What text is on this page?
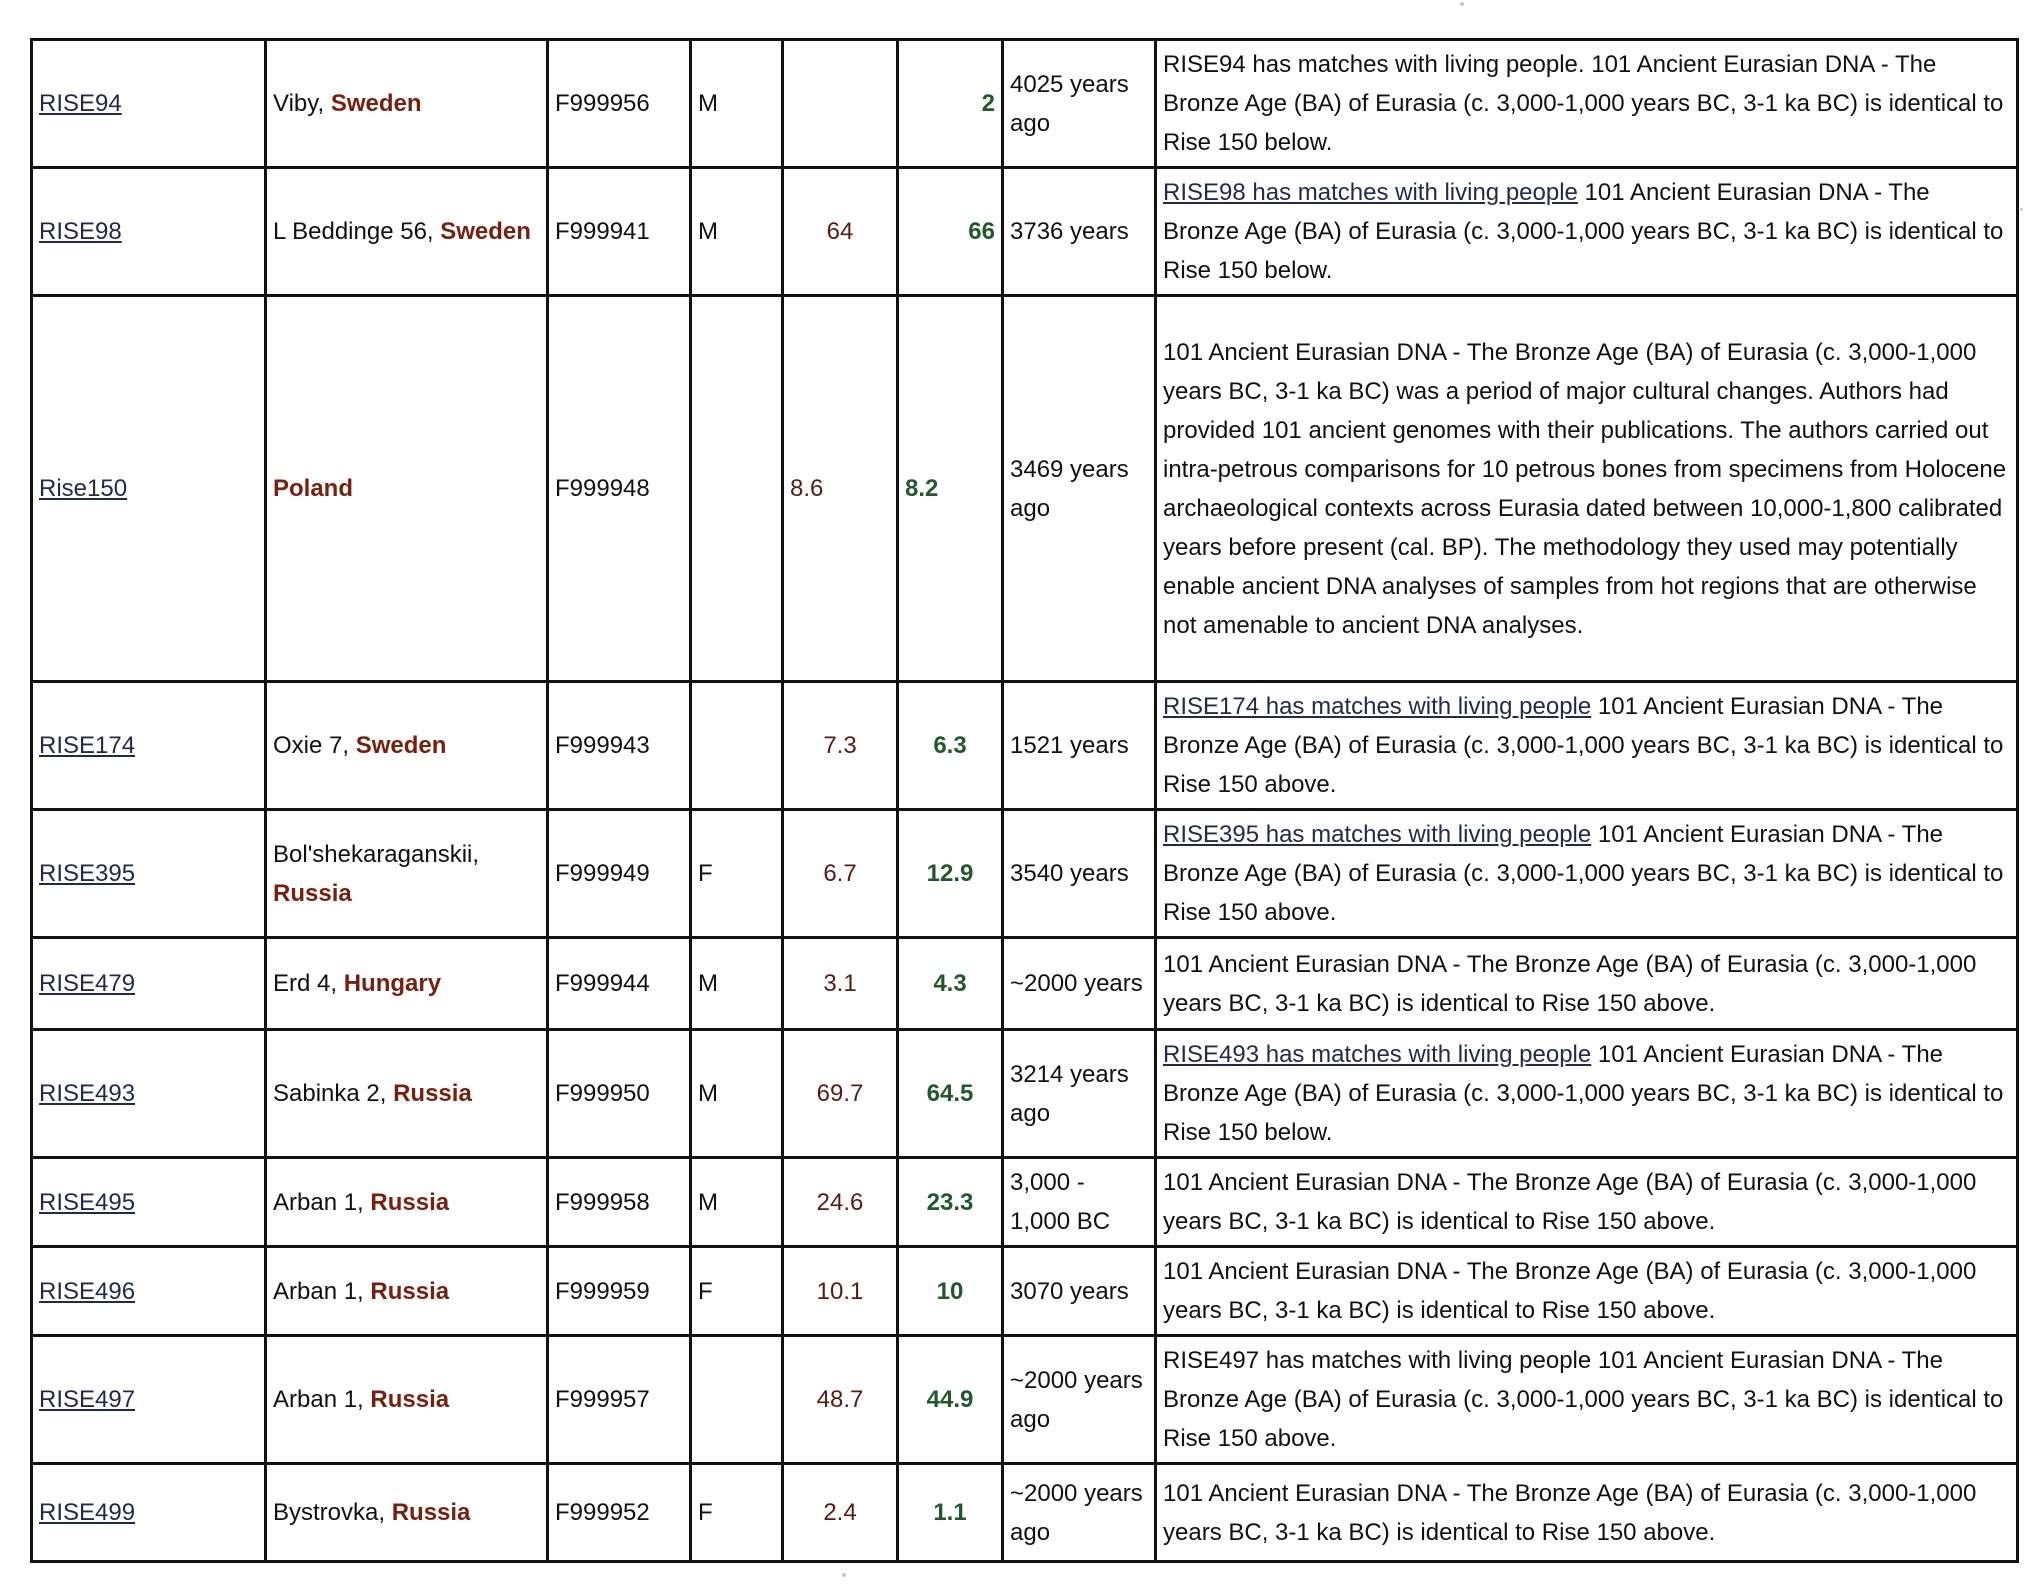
RISE94	Viby, Sweden	F999956	M		2	4025 years ago	RISE94 has matches with living people. 101 Ancient Eurasian DNA - The Bronze Age (BA) of Eurasia (c. 3,000-1,000 years BC, 3-1 ka BC) is identical to Rise 150 below.
RISE98	L Beddinge 56, Sweden	F999941	M	64	66	3736 years	RISE98 has matches with living people 101 Ancient Eurasian DNA - The Bronze Age (BA) of Eurasia (c. 3,000-1,000 years BC, 3-1 ka BC) is identical to Rise 150 below.
Rise150	Poland	F999948		8.6	8.2	3469 years ago	101 Ancient Eurasian DNA - The Bronze Age (BA) of Eurasia (c. 3,000-1,000 years BC, 3-1 ka BC) was a period of major cultural changes. Authors had provided 101 ancient genomes with their publications. The authors carried out intra-petrous comparisons for 10 petrous bones from specimens from Holocene archaeological contexts across Eurasia dated between 10,000-1,800 calibrated years before present (cal. BP). The methodology they used may potentially enable ancient DNA analyses of samples from hot regions that are otherwise not amenable to ancient DNA analyses.
RISE174	Oxie 7, Sweden	F999943		7.3	6.3	1521 years	RISE174 has matches with living people 101 Ancient Eurasian DNA - The Bronze Age (BA) of Eurasia (c. 3,000-1,000 years BC, 3-1 ka BC) is identical to Rise 150 above.
RISE395	Bol'shekaraganskii, Russia	F999949	F	6.7	12.9	3540 years	RISE395 has matches with living people 101 Ancient Eurasian DNA - The Bronze Age (BA) of Eurasia (c. 3,000-1,000 years BC, 3-1 ka BC) is identical to Rise 150 above.
RISE479	Erd 4, Hungary	F999944	M	3.1	4.3	~2000 years	101 Ancient Eurasian DNA - The Bronze Age (BA) of Eurasia (c. 3,000-1,000 years BC, 3-1 ka BC) is identical to Rise 150 above.
RISE493	Sabinka 2, Russia	F999950	M	69.7	64.5	3214 years ago	RISE493 has matches with living people 101 Ancient Eurasian DNA - The Bronze Age (BA) of Eurasia (c. 3,000-1,000 years BC, 3-1 ka BC) is identical to Rise 150 below.
RISE495	Arban 1, Russia	F999958	M	24.6	23.3	3,000 - 1,000 BC	101 Ancient Eurasian DNA - The Bronze Age (BA) of Eurasia (c. 3,000-1,000 years BC, 3-1 ka BC) is identical to Rise 150 above.
RISE496	Arban 1, Russia	F999959	F	10.1	10	3070 years	101 Ancient Eurasian DNA - The Bronze Age (BA) of Eurasia (c. 3,000-1,000 years BC, 3-1 ka BC) is identical to Rise 150 above.
RISE497	Arban 1, Russia	F999957		48.7	44.9	~2000 years ago	RISE497 has matches with living people 101 Ancient Eurasian DNA - The Bronze Age (BA) of Eurasia (c. 3,000-1,000 years BC, 3-1 ka BC) is identical to Rise 150 above.
RISE499	Bystrovka, Russia	F999952	F	2.4	1.1	~2000 years ago	101 Ancient Eurasian DNA - The Bronze Age (BA) of Eurasia (c. 3,000-1,000 years BC, 3-1 ka BC) is identical to Rise 150 above.
